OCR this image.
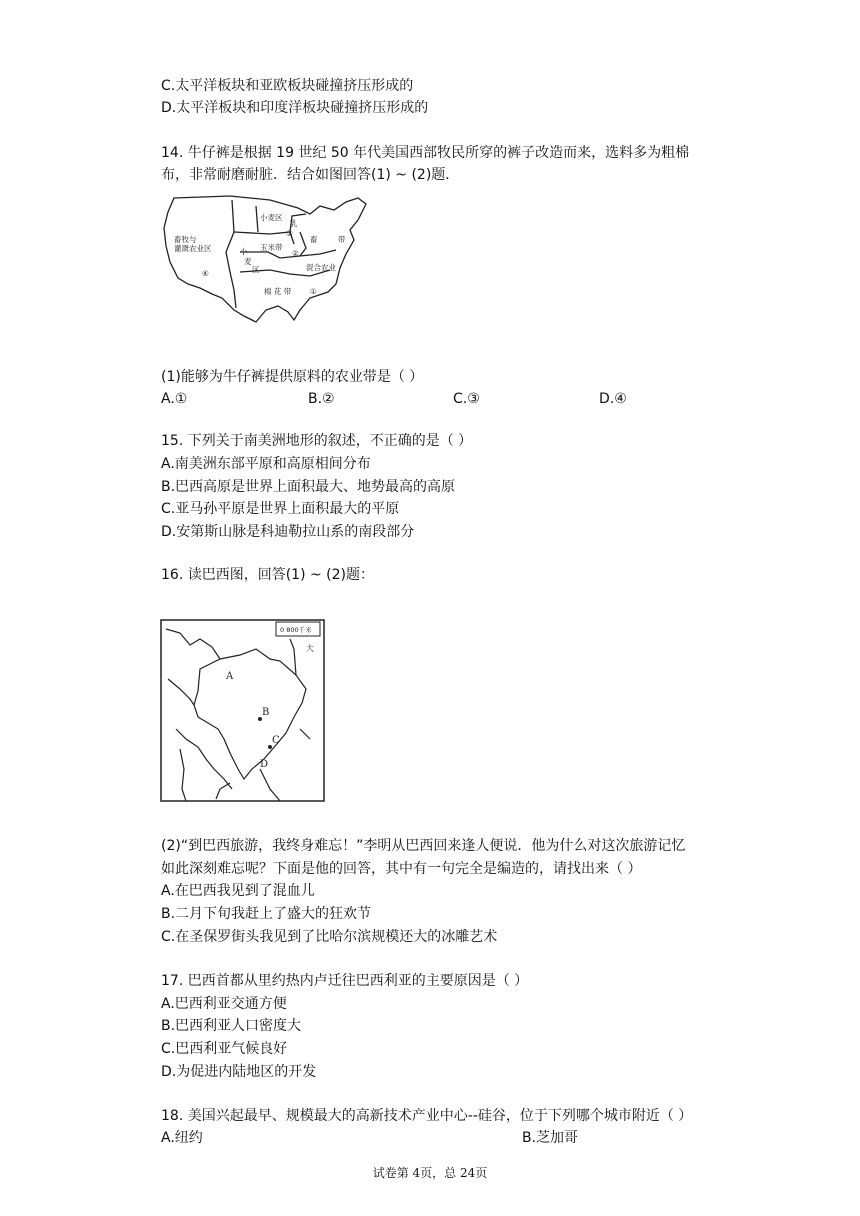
C.太平洋板块和亚欧板块碰撞挤压形成的
D.太平洋板块和印度洋板块碰撞挤压形成的
14. 牛仔裤是根据 19 世纪 50 年代美国西部牧民所穿的裤子改造而来，选料多为粗棉
布，非常耐磨耐脏．结合如图回答(1) ~ (2)题．
畜牧与
灌溉农业区
④
小麦区
乳
③
畜	带
玉米带
②
混合农业
小
麦
区
棉 花 带 ①
(1)能够为牛仔裤提供原料的农业带是（ ）
A.①	B.②	C.③	D.④
15. 下列关于南美洲地形的叙述，不正确的是（ ）
A.南美洲东部平原和高原相间分布
B.巴西高原是世界上面积最大、地势最高的高原
C.亚马孙平原是世界上面积最大的平原
D.安第斯山脉是科迪勒拉山系的南段部分
16. 读巴西图，回答(1) ~ (2)题：
0 800千米
A
B
C
D
大
(2)“到巴西旅游，我终身难忘！”李明从巴西回来逢人便说．他为什么对这次旅游记忆
如此深刻难忘呢？下面是他的回答，其中有一句完全是编造的，请找出来（ ）
A.在巴西我见到了混血儿
B.二月下旬我赶上了盛大的狂欢节
C.在圣保罗街头我见到了比哈尔滨规模还大的冰雕艺术
17. 巴西首都从里约热内卢迁往巴西利亚的主要原因是（ ）
A.巴西利亚交通方便
B.巴西利亚人口密度大
C.巴西利亚气候良好
D.为促进内陆地区的开发
18. 美国兴起最早、规模最大的高新技术产业中心--硅谷，位于下列哪个城市附近（ ）
A.纽约	B.芝加哥
试卷第 4页，总 24页
